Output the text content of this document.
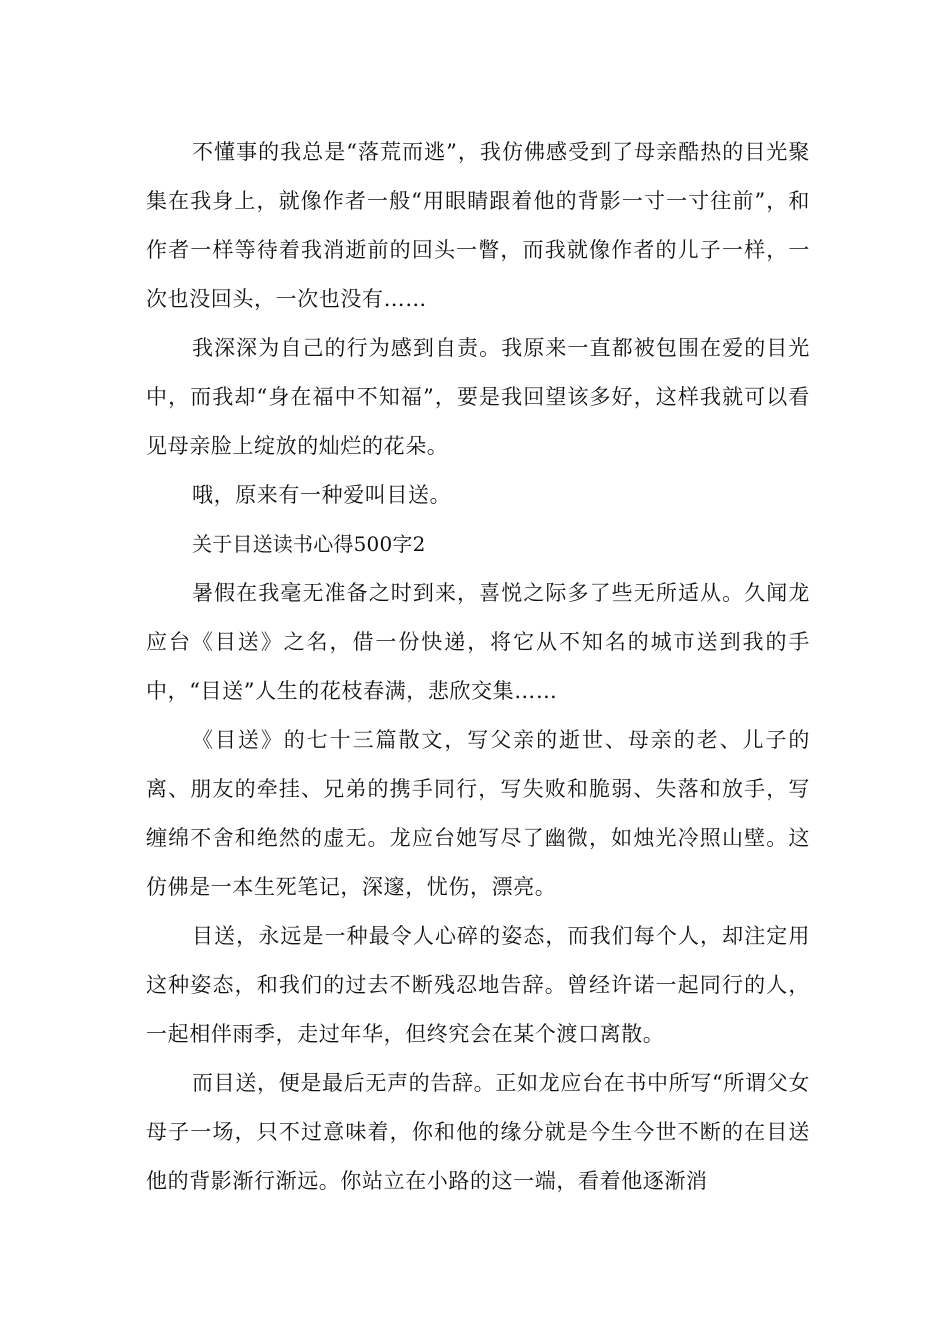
不懂事的我总是“落荒而逃”，我仿佛感受到了母亲酷热的目光聚集在我身上，就像作者一般“用眼睛跟着他的背影一寸一寸往前”，和作者一样等待着我消逝前的回头一瞥，而我就像作者的儿子一样，一次也没回头，一次也没有……

我深深为自己的行为感到自责。我原来一直都被包围在爱的目光中，而我却“身在福中不知福”，要是我回望该多好，这样我就可以看见母亲脸上绽放的灿烂的花朵。

哦，原来有一种爱叫目送。

关于目送读书心得500字2

暑假在我毫无准备之时到来，喜悦之际多了些无所适从。久闻龙应台《目送》之名，借一份快递，将它从不知名的城市送到我的手中，“目送”人生的花枝春满，悲欣交集……

《目送》的七十三篇散文，写父亲的逝世、母亲的老、儿子的离、朋友的牵挂、兄弟的携手同行，写失败和脆弱、失落和放手，写缠绵不舍和绝然的虚无。龙应台她写尽了幽微，如烛光冷照山壁。这仿佛是一本生死笔记，深邃，忧伤，漂亮。

目送，永远是一种最令人心碎的姿态，而我们每个人，却注定用这种姿态，和我们的过去不断残忍地告辞。曾经许诺一起同行的人，一起相伴雨季，走过年华，但终究会在某个渡口离散。

而目送，便是最后无声的告辞。正如龙应台在书中所写“所谓父女母子一场，只不过意味着，你和他的缘分就是今生今世不断的在目送他的背影渐行渐远。你站立在小路的这一端，看着他逐渐消
